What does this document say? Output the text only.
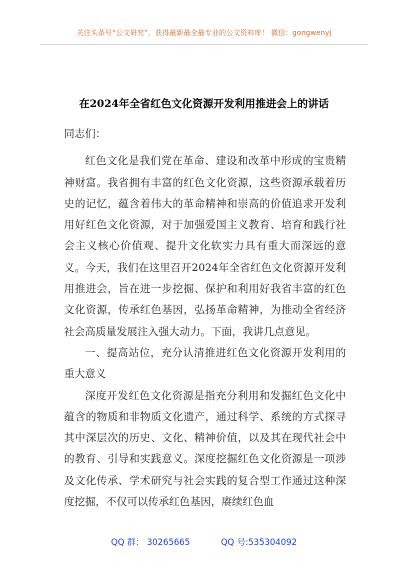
关注头条号“公文研究”，获得最新最全最专业的公文资料库！ 微信：gongwenyj
在2024年全省红色文化资源开发利用推进会上的讲话

同志们：

红色文化是我们党在革命、建设和改革中形成的宝贵精神财富。我省拥有丰富的红色文化资源，这些资源承载着历史的记忆，蕴含着伟大的革命精神和崇高的价值追求开发利用好红色文化资源，对于加强爱国主义教育、培育和践行社会主义核心价值观、提升文化软实力具有重大而深远的意义。今天，我们在这里召开2024年全省红色文化资源开发利用推进会，旨在进一步挖掘、保护和利用好我省丰富的红色文化资源，传承红色基因，弘扬革命精神，为推动全省经济社会高质量发展注入强大动力。下面，我讲几点意见。

一、提高站位，充分认清推进红色文化资源开发利用的重大意义

深度开发红色文化资源是指充分利用和发掘红色文化中蕴含的物质和非物质文化遗产，通过科学、系统的方式探寻其中深层次的历史、文化、精神价值，以及其在现代社会中的教育、引导和实践意义。深度挖掘红色文化资源是一项涉及文化传承、学术研究与社会实践的复合型工作通过这种深度挖掘，不仅可以传承红色基因，赓续红色血

QQ 群： 30265665	QQ 号:535304092
